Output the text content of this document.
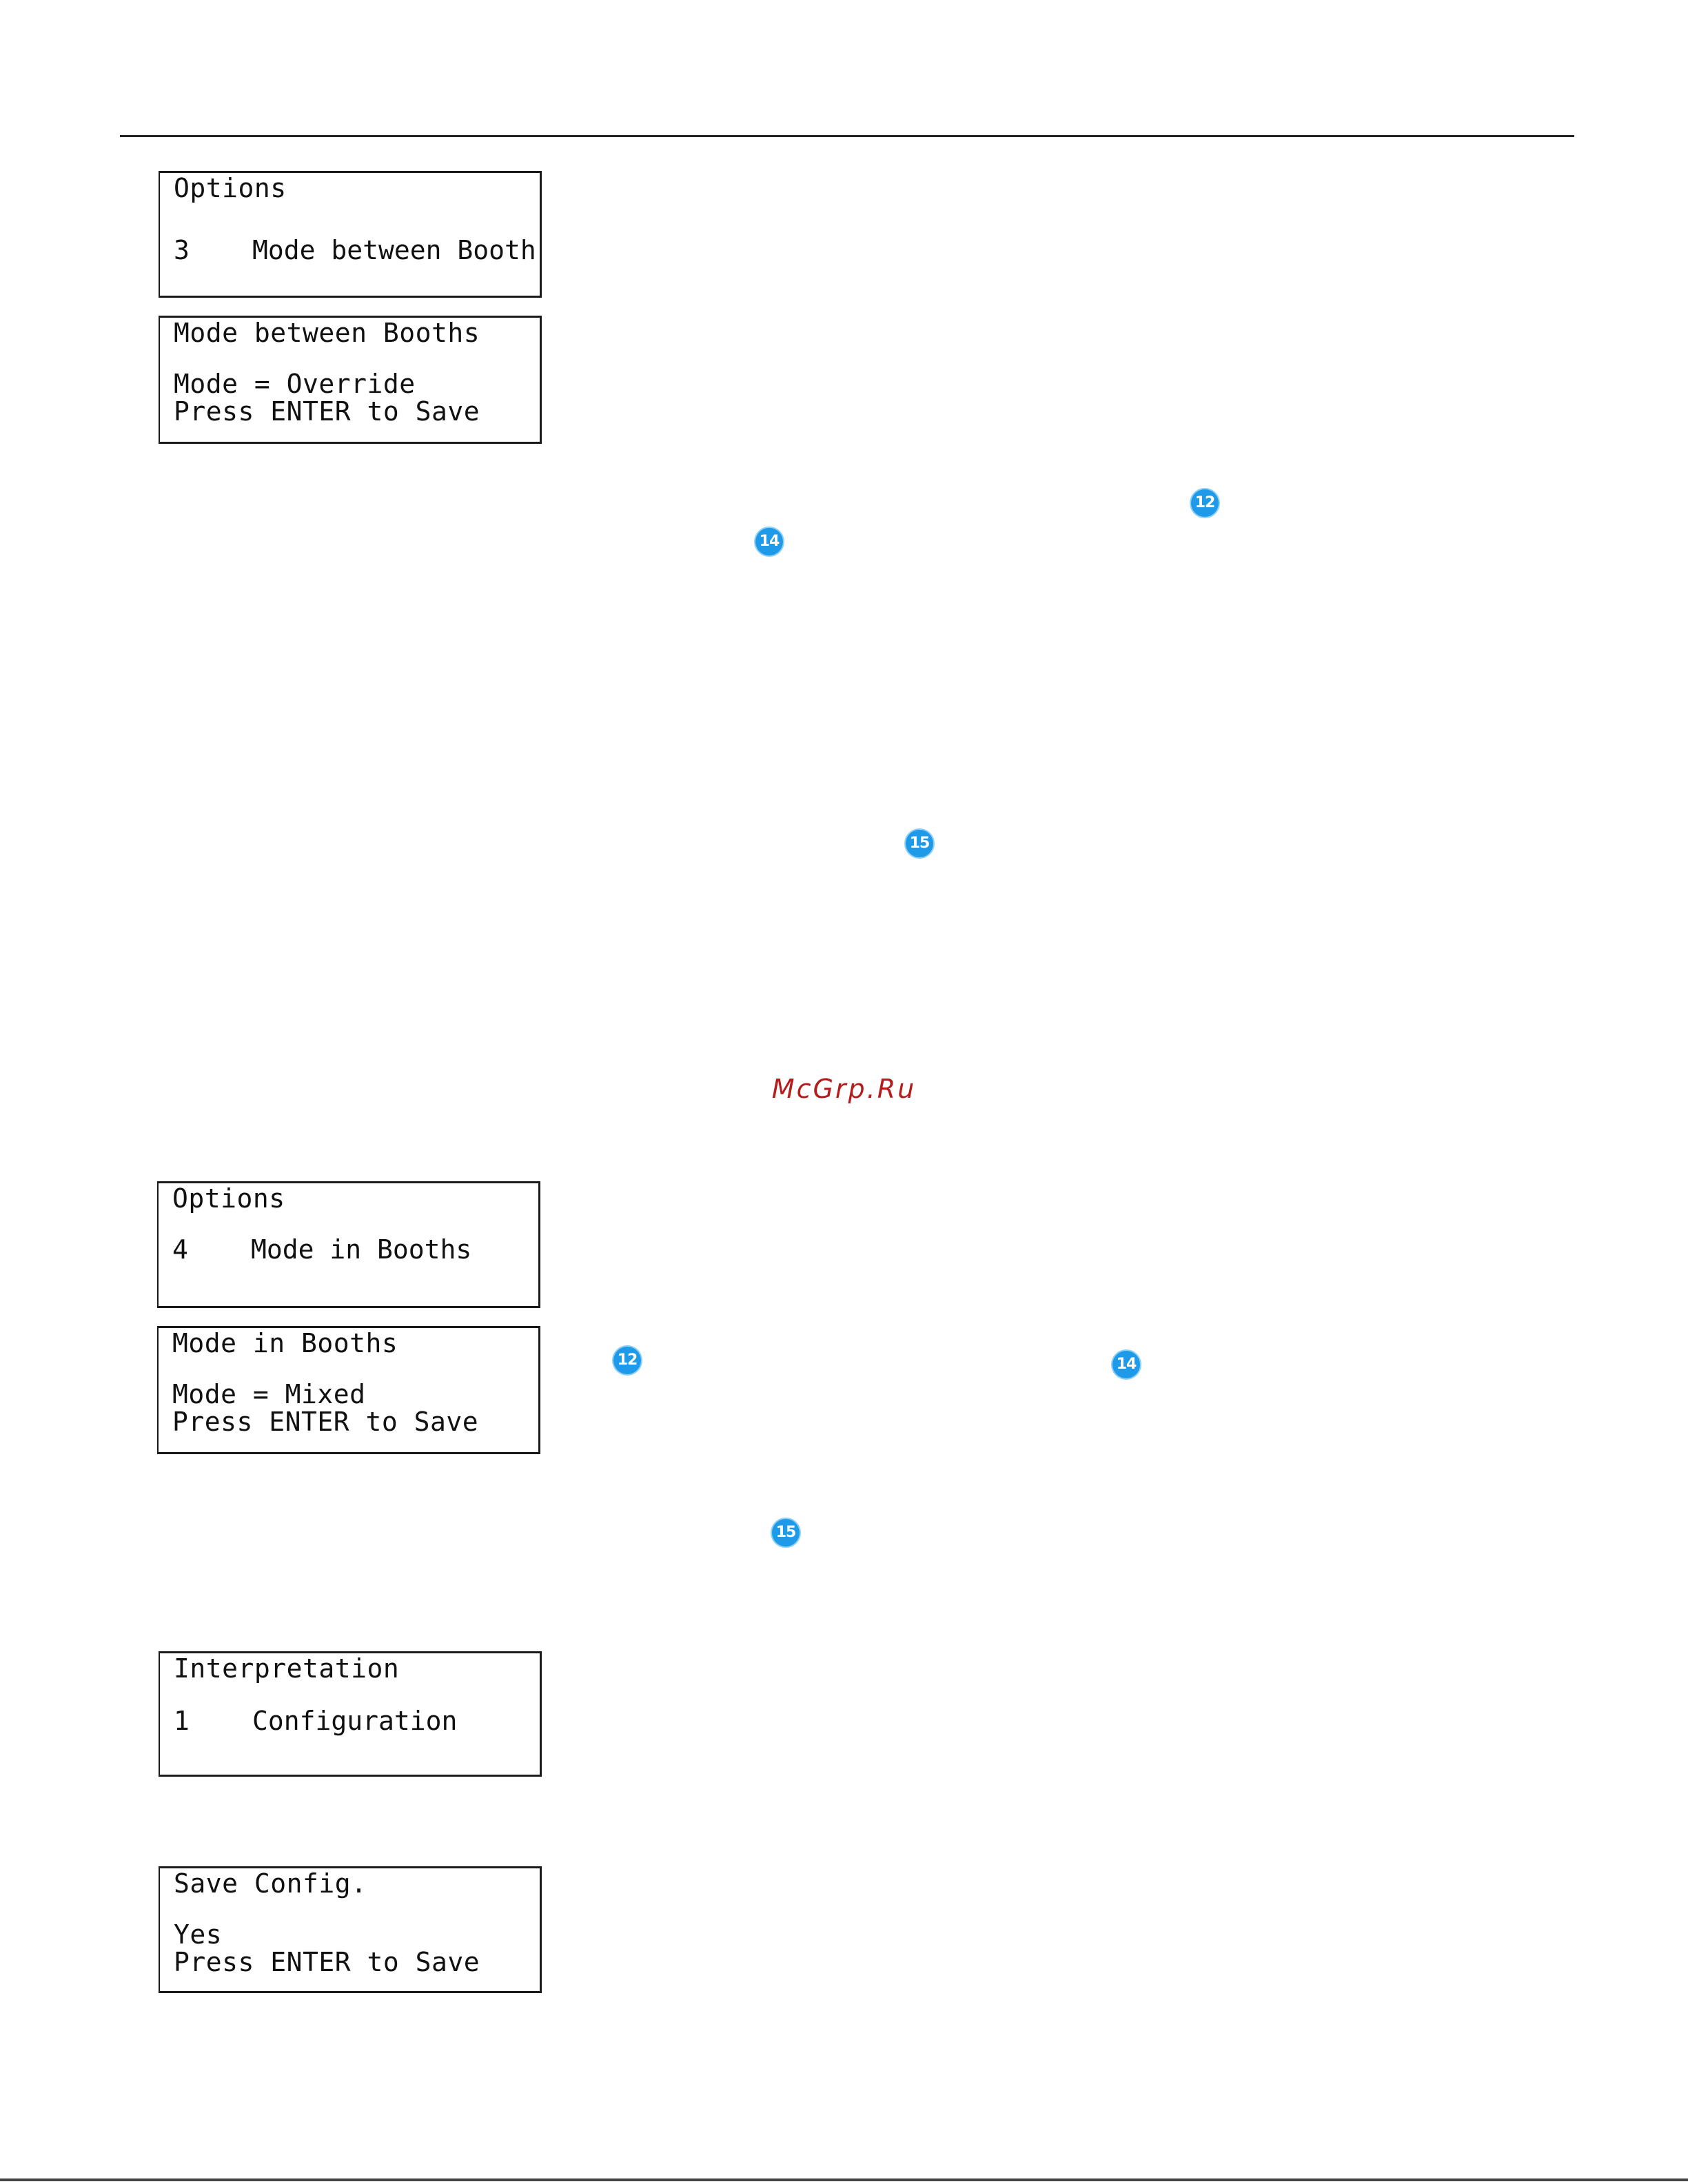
Options
3 Mode between Booth
Mode between Booths
Mode = Override
Press ENTER to Save
12
14
15
McGrp.Ru
Options
4 Mode in Booths
Mode in Booths
Mode = Mixed
Press ENTER to Save
12	14
15
Interpretation
1 Configuration
Save Config.
Yes
Press ENTER to Save
